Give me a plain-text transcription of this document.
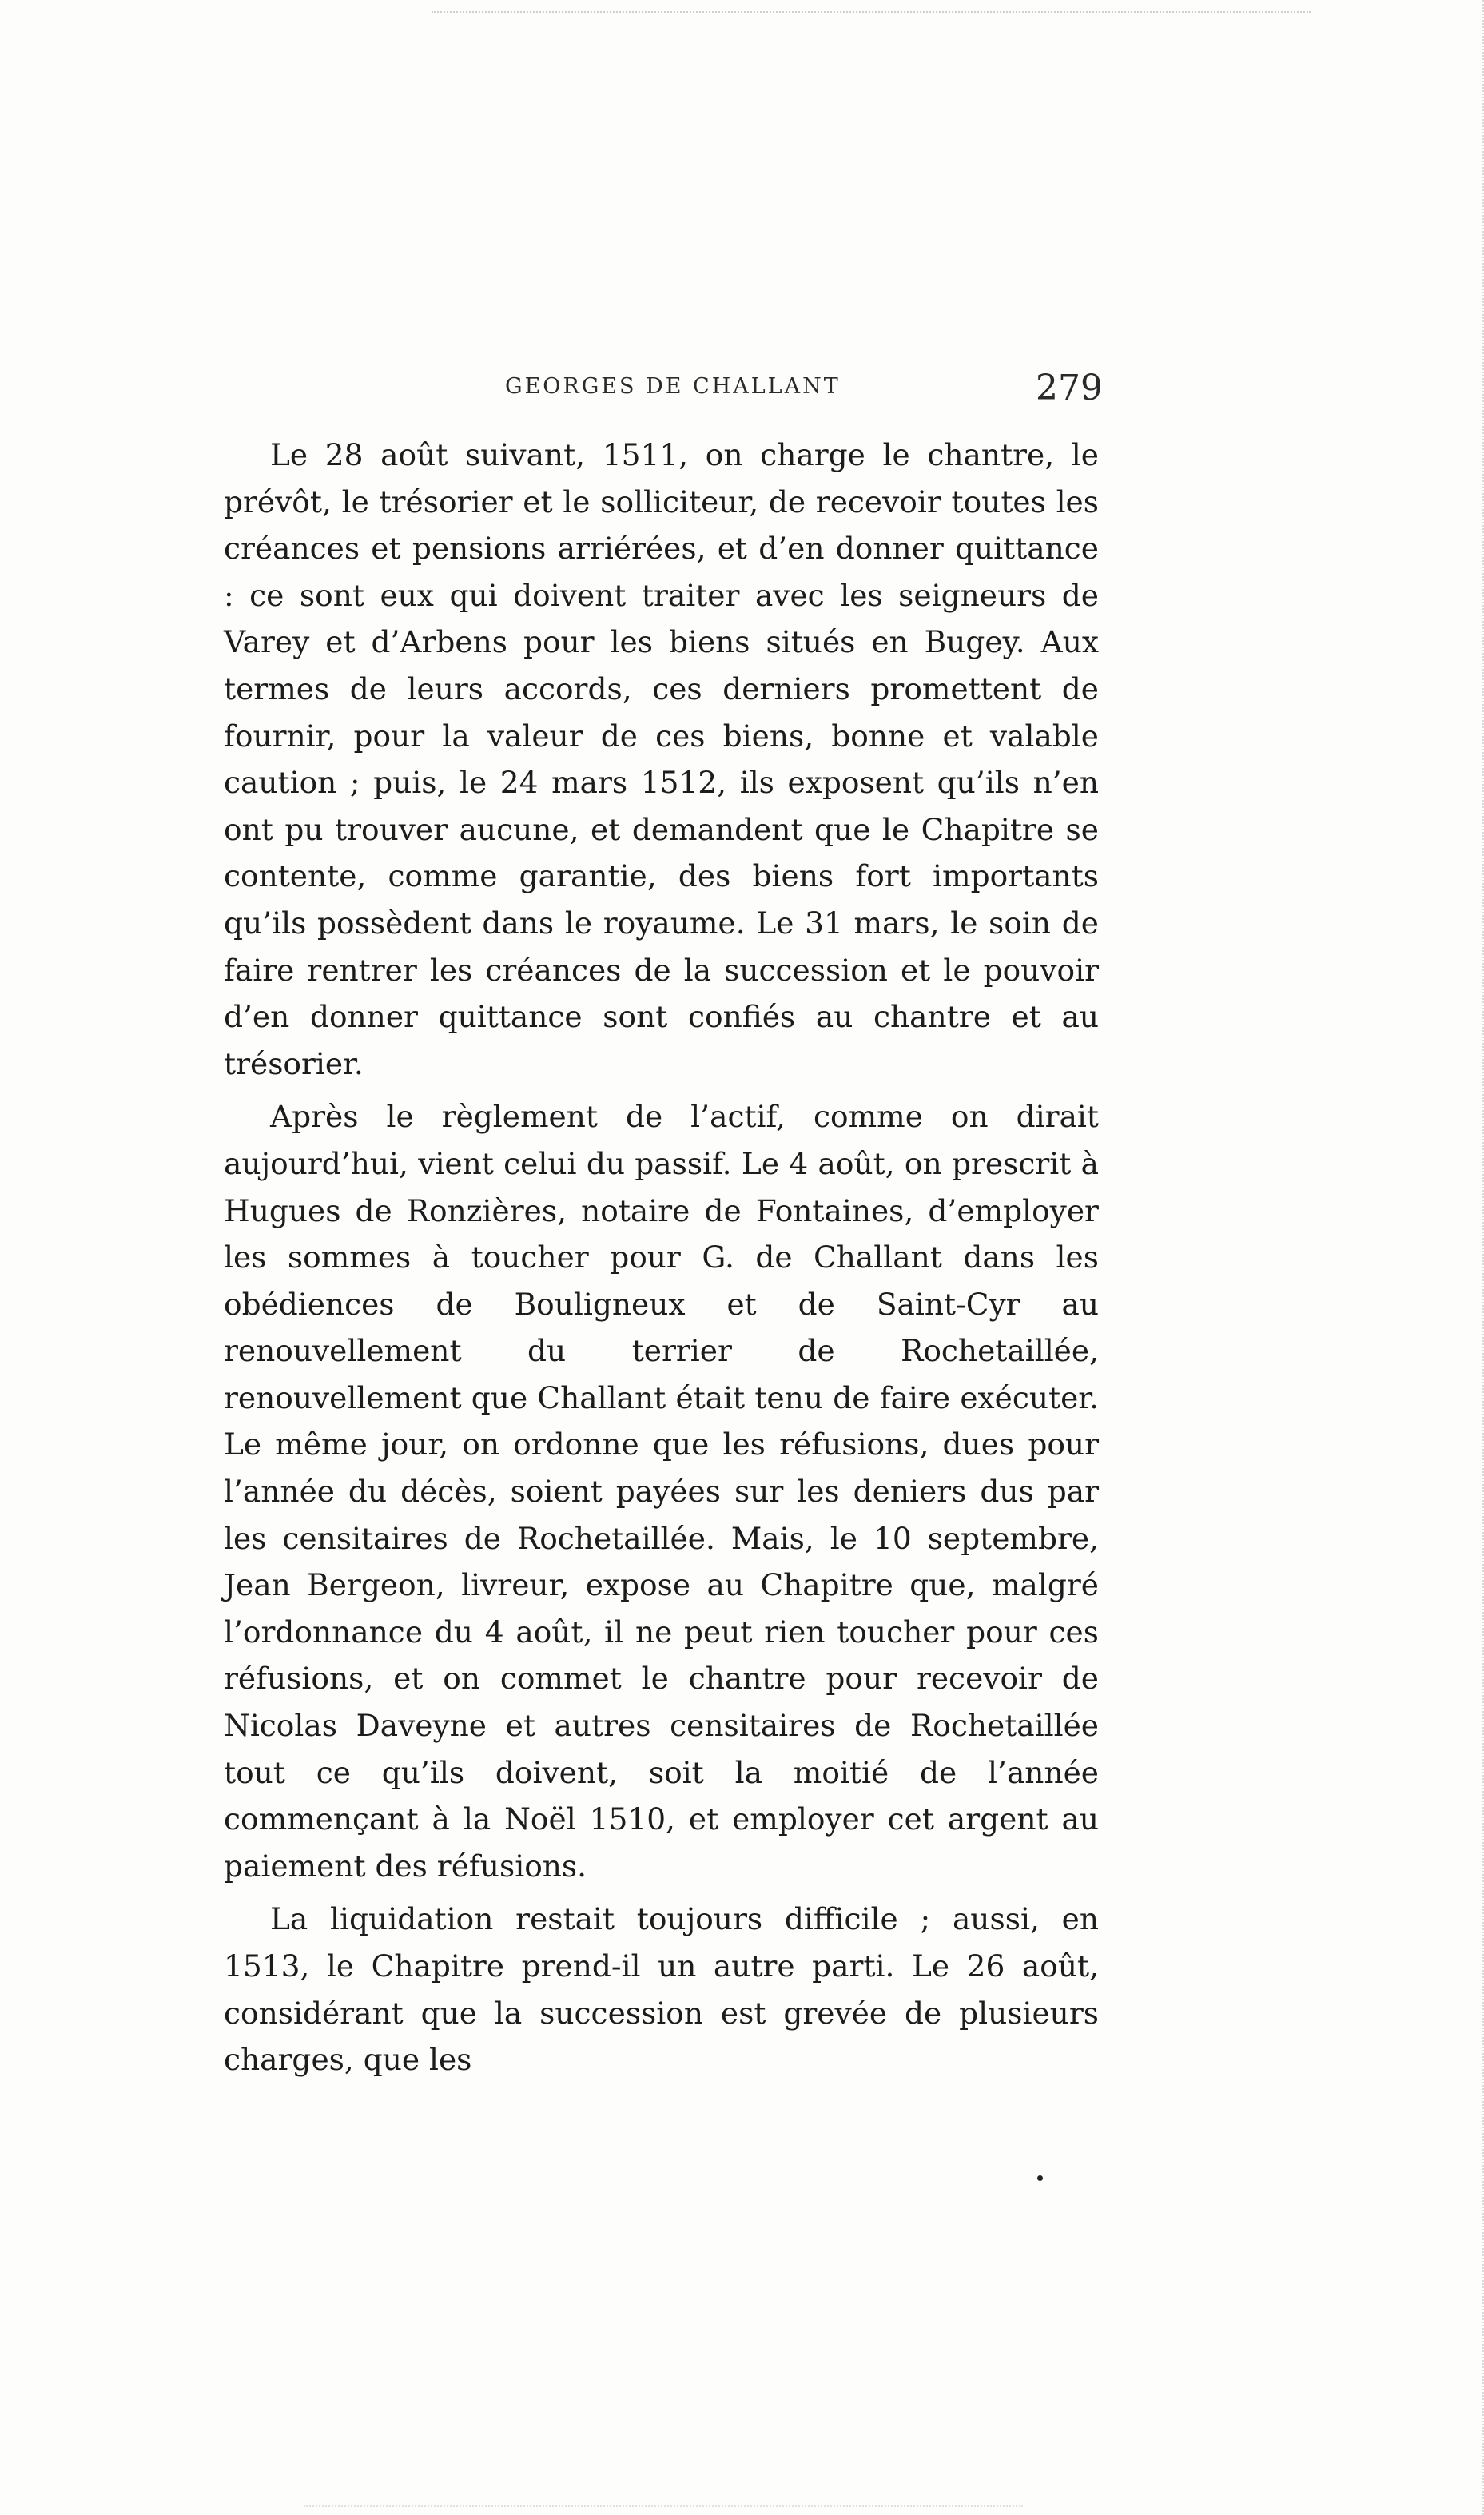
GEORGES DE CHALLANT	279

Le 28 août suivant, 1511, on charge le chantre, le prévôt, le trésorier et le solliciteur, de recevoir toutes les créances et pensions arriérées, et d’en donner quittance : ce sont eux qui doivent traiter avec les seigneurs de Varey et d’Arbens pour les biens situés en Bugey. Aux termes de leurs accords, ces derniers promettent de fournir, pour la valeur de ces biens, bonne et valable caution ; puis, le 24 mars 1512, ils exposent qu’ils n’en ont pu trouver aucune, et demandent que le Chapitre se contente, comme garantie, des biens fort importants qu’ils possèdent dans le royaume. Le 31 mars, le soin de faire rentrer les créances de la succession et le pouvoir d’en donner quittance sont confiés au chantre et au trésorier.

Après le règlement de l’actif, comme on dirait aujourd’hui, vient celui du passif. Le 4 août, on prescrit à Hugues de Ronzières, notaire de Fontaines, d’employer les sommes à toucher pour G. de Challant dans les obédiences de Bouligneux et de Saint-Cyr au renouvellement du terrier de Rochetaillée, renouvellement que Challant était tenu de faire exécuter. Le même jour, on ordonne que les réfusions, dues pour l’année du décès, soient payées sur les deniers dus par les censitaires de Rochetaillée. Mais, le 10 septembre, Jean Bergeon, livreur, expose au Chapitre que, malgré l’ordonnance du 4 août, il ne peut rien toucher pour ces réfusions, et on commet le chantre pour recevoir de Nicolas Daveyne et autres censitaires de Rochetaillée tout ce qu’ils doivent, soit la moitié de l’année commençant à la Noël 1510, et employer cet argent au paiement des réfusions.

La liquidation restait toujours difficile ; aussi, en 1513, le Chapitre prend-il un autre parti. Le 26 août, considérant que la succession est grevée de plusieurs charges, que les
